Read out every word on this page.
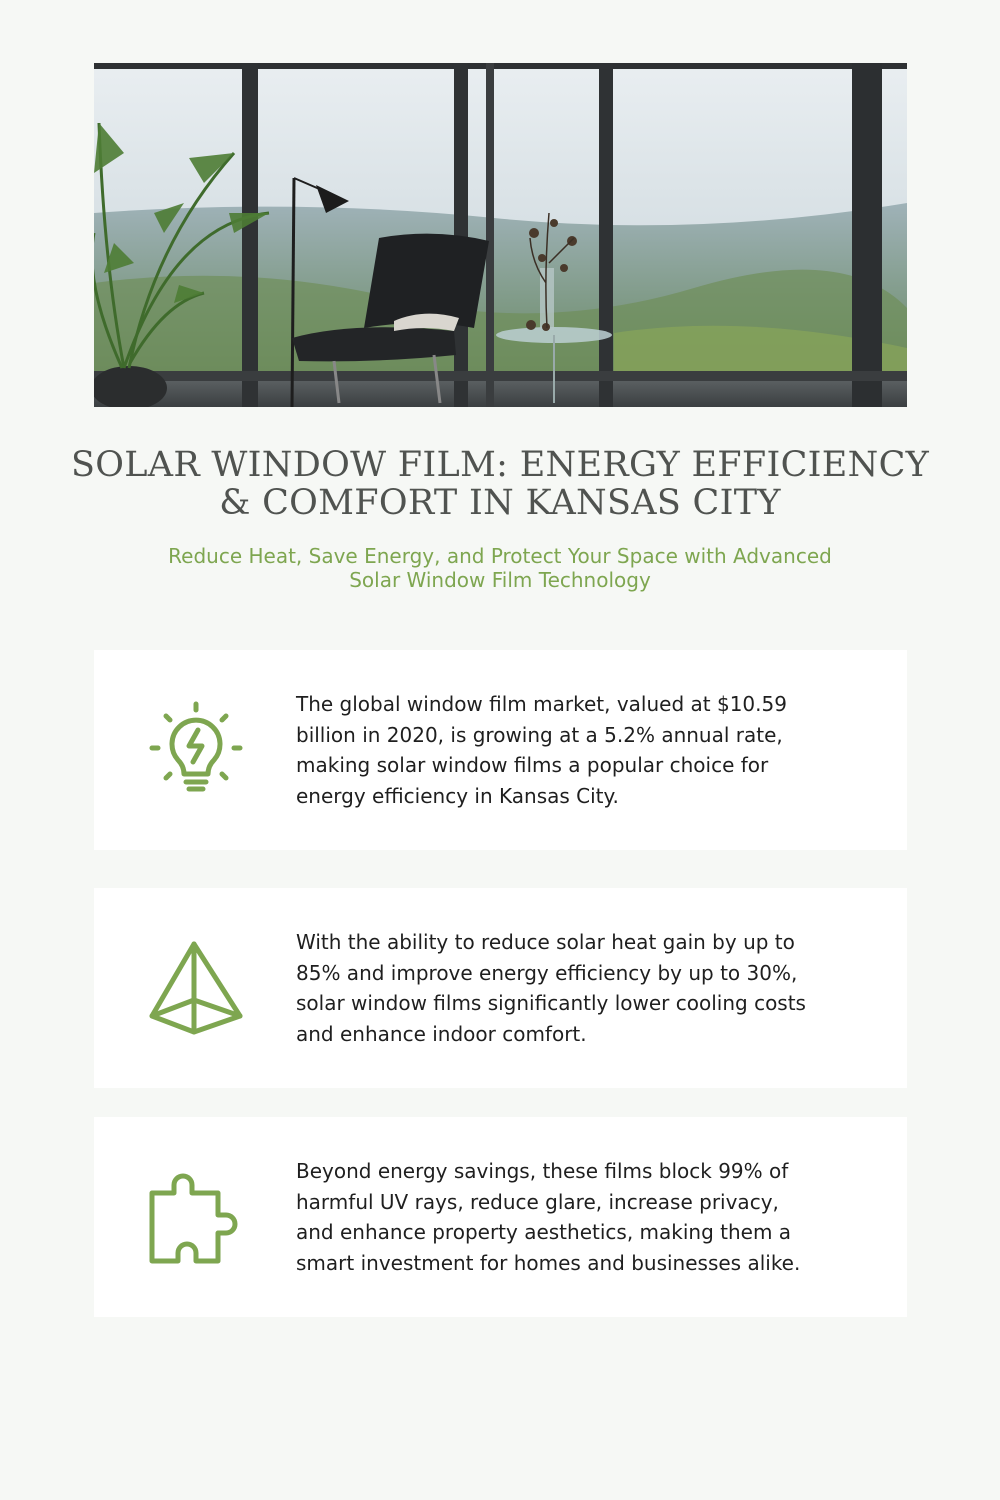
SOLAR WINDOW FILM: ENERGY EFFICIENCY & COMFORT IN KANSAS CITY

Reduce Heat, Save Energy, and Protect Your Space with Advanced Solar Window Film Technology

The global window film market, valued at $10.59 billion in 2020, is growing at a 5.2% annual rate, making solar window films a popular choice for energy efficiency in Kansas City.

With the ability to reduce solar heat gain by up to 85% and improve energy efficiency by up to 30%, solar window films significantly lower cooling costs and enhance indoor comfort.

Beyond energy savings, these films block 99% of harmful UV rays, reduce glare, increase privacy, and enhance property aesthetics, making them a smart investment for homes and businesses alike.
